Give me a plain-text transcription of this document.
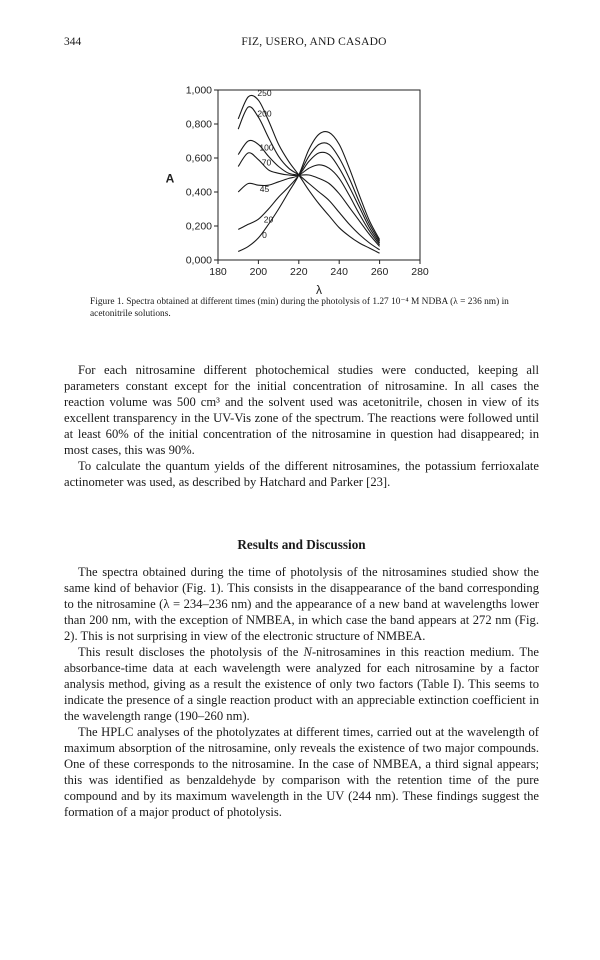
344	FIZ, USERO, AND CASADO
0,000
0,200
0,400
0,600
0,800
1,000
180 200 220 240 260 280
λ
A
250
200
100
70
45
20
0
Figure 1. Spectra obtained at different times (min) during the photolysis of 1.27 10⁻⁴ M NDBA (λ = 236 nm) in acetonitrile solutions.

For each nitrosamine different photochemical studies were conducted, keeping all parameters constant except for the initial concentration of nitrosamine. In all cases the reaction volume was 500 cm³ and the solvent used was acetonitrile, chosen in view of its excellent transparency in the UV-Vis zone of the spectrum. The reactions were followed until at least 60% of the initial concentration of the nitrosamine in question had disappeared; in most cases, this was 90%.

To calculate the quantum yields of the different nitrosamines, the potassium ferrioxalate actinometer was used, as described by Hatchard and Parker [23].

Results and Discussion

The spectra obtained during the time of photolysis of the nitrosamines studied show the same kind of behavior (Fig. 1). This consists in the disappearance of the band corresponding to the nitrosamine (λ = 234–236 nm) and the appearance of a new band at wavelengths lower than 200 nm, with the exception of NMBEA, in which case the band appears at 272 nm (Fig. 2). This is not surprising in view of the electronic structure of NMBEA.

This result discloses the photolysis of the N-nitrosamines in this reaction medium. The absorbance-time data at each wavelength were analyzed for each nitrosamine by a factor analysis method, giving as a result the existence of only two factors (Table I). This seems to indicate the presence of a single reaction product with an appreciable extinction coefficient in the wavelength range (190–260 nm).

The HPLC analyses of the photolyzates at different times, carried out at the wavelength of maximum absorption of the nitrosamine, only reveals the existence of two major compounds. One of these corresponds to the nitrosamine. In the case of NMBEA, a third signal appears; this was identified as benzaldehyde by comparison with the retention time of the pure compound and by its maximum wavelength in the UV (244 nm). These findings suggest the formation of a major product of photolysis.
